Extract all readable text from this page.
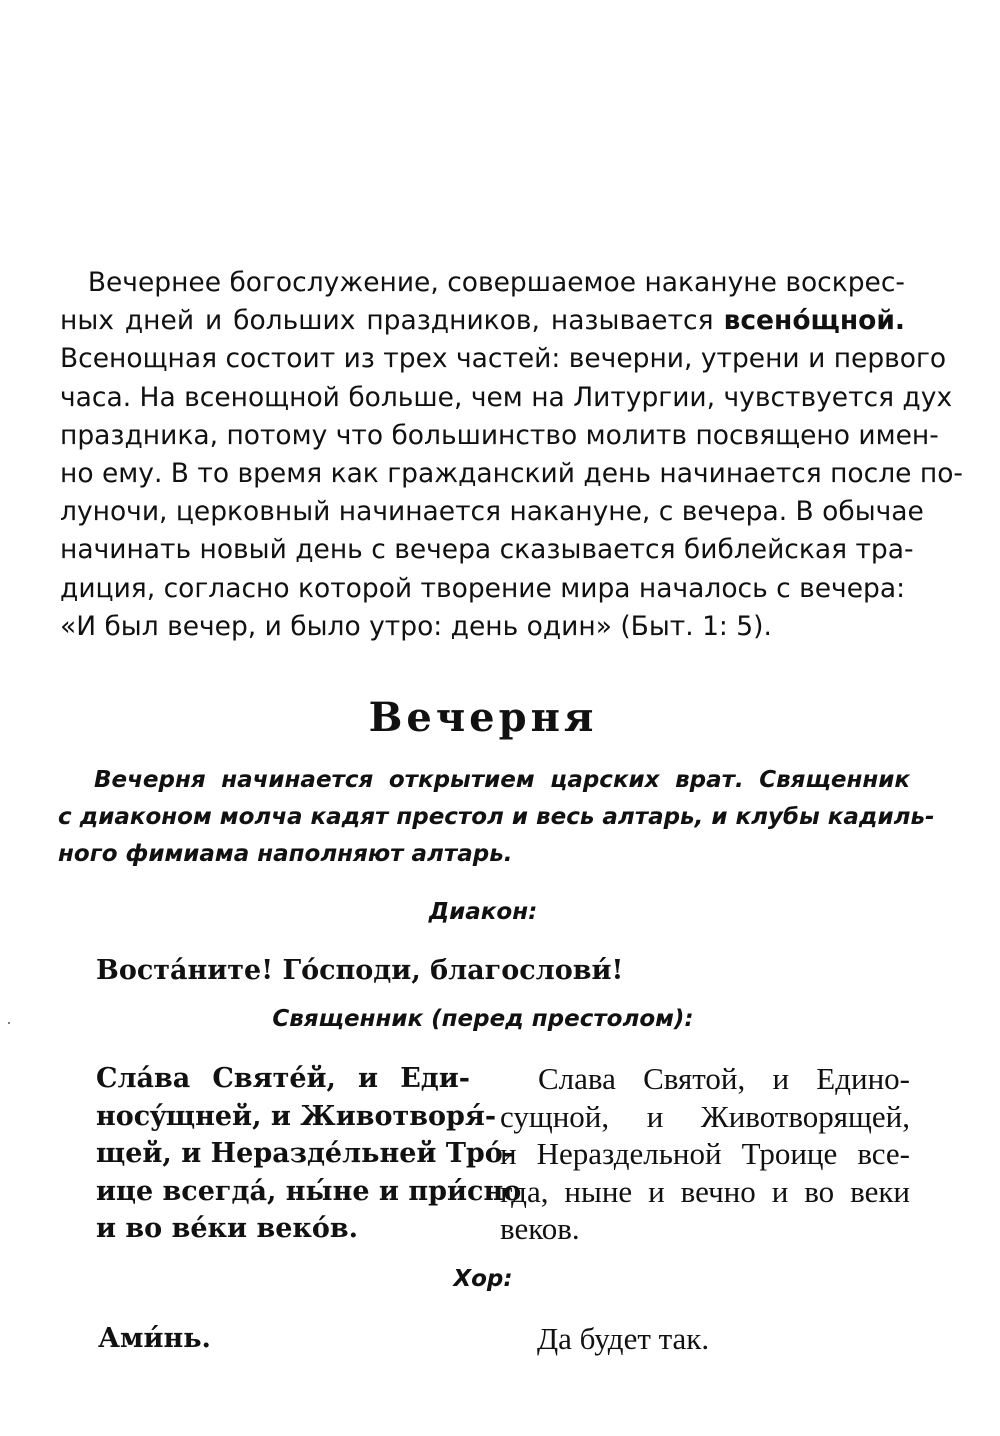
Вечернее богослужение, совершаемое накануне воскрес-
ных дней и больших праздников, называется всенóщной.
Всенощная состоит из трех частей: вечерни, утрени и первого
часа. На всенощной больше, чем на Литургии, чувствуется дух
праздника, потому что большинство молитв посвящено имен-
но ему. В то время как гражданский день начинается после по-
луночи, церковный начинается накануне, с вечера. В обычае
начинать новый день с вечера сказывается библейская тра-
диция, согласно которой творение мира началось с вечера:
«И был вечер, и было утро: день один» (Быт. 1: 5).
Вечерня
Вечерня начинается открытием царских врат. Священник
с диаконом молча кадят престол и весь алтарь, и клубы кадиль-
ного фимиама наполняют алтарь.
Диакон:
Востáните! Гóсподи, благослови́!
Священник (перед престолом):
Слáва Святéй, и Еди-
носýщней, и Животворя́-
щей, и Нераздéльней Трó-
ице всегдá, ны́не и при́сно
и во вéки векóв.
Слава Святой, и Едино-
сущной, и Животворящей,
и Нераздельной Троице все-
гда, ныне и вечно и во веки
веков.
Хор:
Ами́нь.	Да будет так.
